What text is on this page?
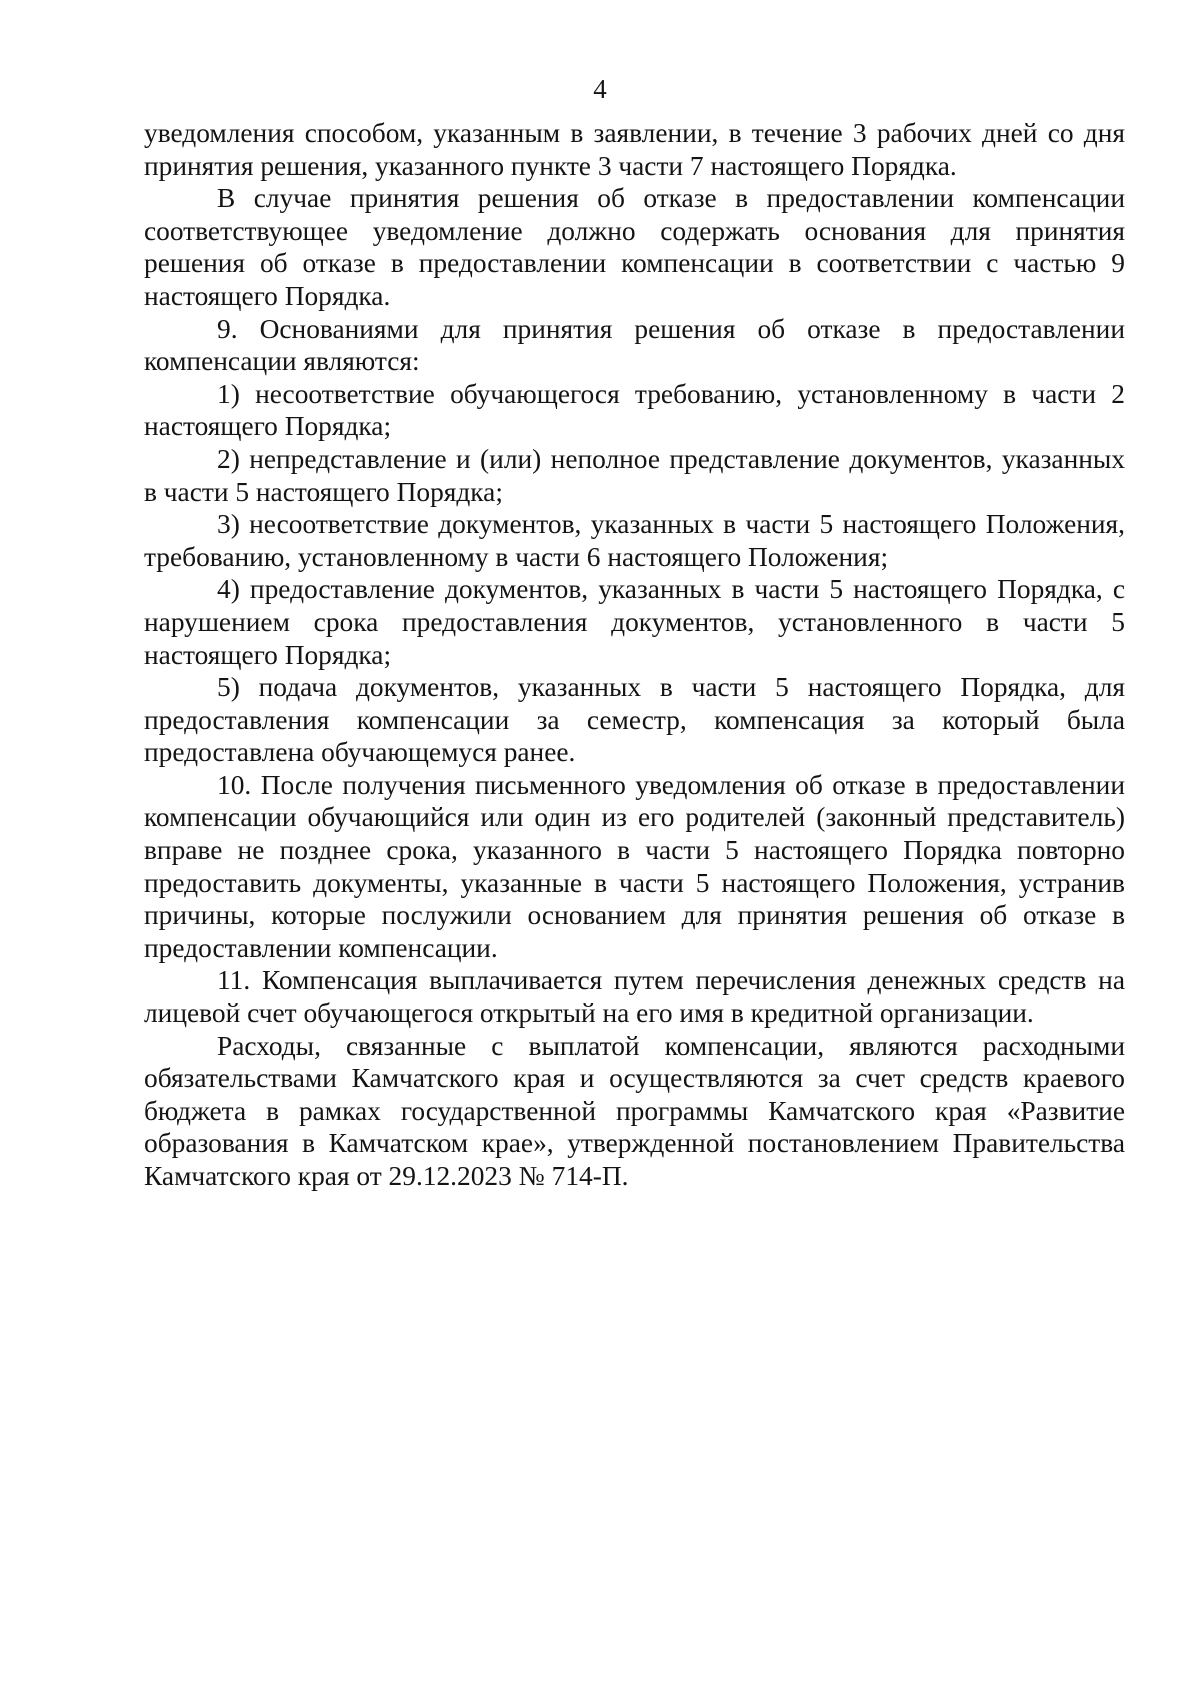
4

уведомления способом, указанным в заявлении, в течение 3 рабочих дней со дня принятия решения, указанного пункте 3 части 7 настоящего Порядка.

В случае принятия решения об отказе в предоставлении компенсации соответствующее уведомление должно содержать основания для принятия решения об отказе в предоставлении компенсации в соответствии с частью 9 настоящего Порядка.

9. Основаниями для принятия решения об отказе в предоставлении компенсации являются:

1) несоответствие обучающегося требованию, установленному в части 2 настоящего Порядка;

2) непредставление и (или) неполное представление документов, указанных в части 5 настоящего Порядка;

3) несоответствие документов, указанных в части 5 настоящего Положения, требованию, установленному в части 6 настоящего Положения;

4) предоставление документов, указанных в части 5 настоящего Порядка, с нарушением срока предоставления документов, установленного в части 5 настоящего Порядка;

5) подача документов, указанных в части 5 настоящего Порядка, для предоставления компенсации за семестр, компенсация за который была предоставлена обучающемуся ранее.

10. После получения письменного уведомления об отказе в предоставлении компенсации обучающийся или один из его родителей (законный представитель) вправе не позднее срока, указанного в части 5 настоящего Порядка повторно предоставить документы, указанные в части 5 настоящего Положения, устранив причины, которые послужили основанием для принятия решения об отказе в предоставлении компенсации.

11. Компенсация выплачивается путем перечисления денежных средств на лицевой счет обучающегося открытый на его имя в кредитной организации.

Расходы, связанные с выплатой компенсации, являются расходными обязательствами Камчатского края и осуществляются за счет средств краевого бюджета в рамках государственной программы Камчатского края «Развитие образования в Камчатском крае», утвержденной постановлением Правительства Камчатского края от 29.12.2023 № 714-П.
